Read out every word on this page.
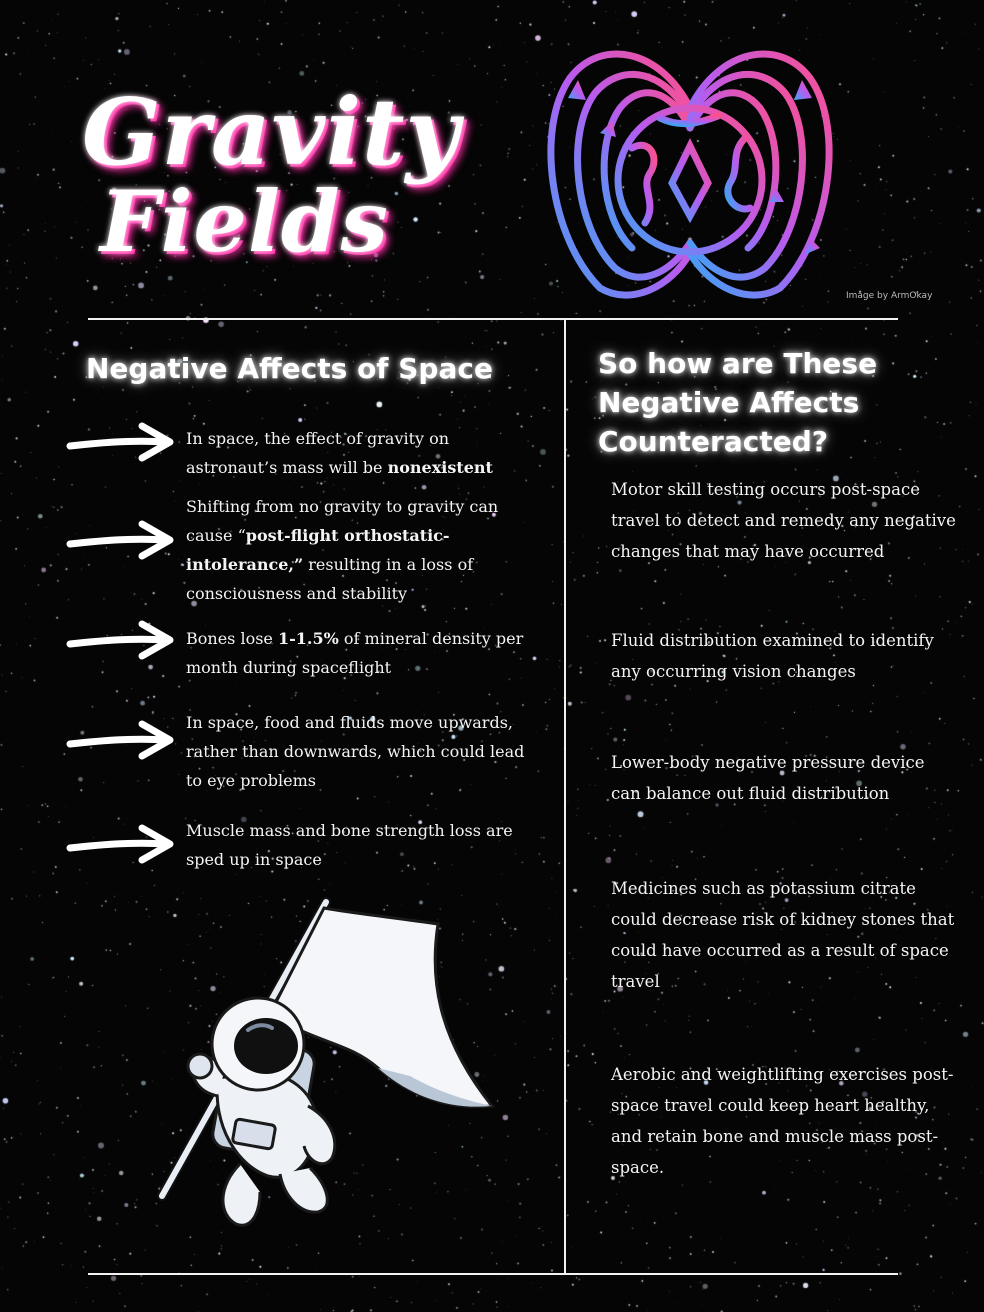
Gravity
Fields
Image by ArmOkay
Negative Affects of Space	So how are These Negative Affects Counteracted?
In space, the effect of gravity on astronaut’s mass will be nonexistent
Shifting from no gravity to gravity can cause “post-flight orthostatic-intolerance,” resulting in a loss of consciousness and stability
Bones lose 1-1.5% of mineral density per month during spaceflight
In space, food and fluids move upwards, rather than downwards, which could lead to eye problems
Muscle mass and bone strength loss are sped up in space
Motor skill testing occurs post-space travel to detect and remedy any negative changes that may have occurred
Fluid distribution examined to identify any occurring vision changes
Lower-body negative pressure device can balance out fluid distribution
Medicines such as potassium citrate could decrease risk of kidney stones that could have occurred as a result of space travel
Aerobic and weightlifting exercises post-space travel could keep heart healthy, and retain bone and muscle mass post-space.
